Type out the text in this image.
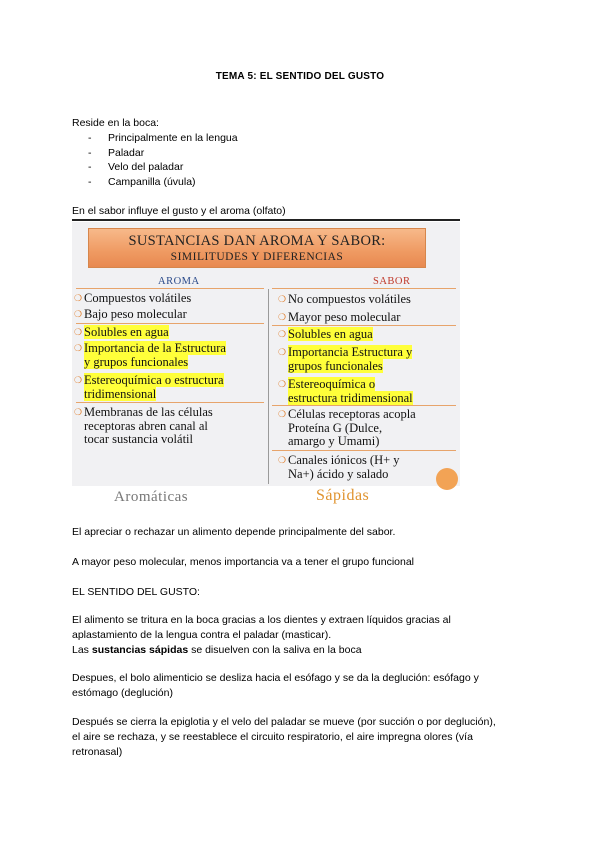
TEMA 5: EL SENTIDO DEL GUSTO
Reside en la boca:
- Principalmente en la lengua
- Paladar
- Velo del paladar
- Campanilla (úvula)
En el sabor influye el gusto y el aroma (olfato)
SUSTANCIAS DAN AROMA Y SABOR:
SIMILITUDES Y DIFERENCIAS
AROMA	SABOR
❍ Compuestos volátiles
❍ Bajo peso molecular
❍ Solubles en agua
❍ Importancia de la Estructura
y grupos funcionales
❍ Estereoquímica o estructura
tridimensional
❍ Membranas de las células
receptoras abren canal al
tocar sustancia volátil
❍ No compuestos volátiles
❍ Mayor peso molecular
❍ Solubles en agua
❍ Importancia Estructura y
grupos funcionales
❍ Estereoquímica o
estructura tridimensional
❍ Células receptoras acopla
Proteína G (Dulce,
amargo y Umami)
❍ Canales iónicos (H+ y
Na+) ácido y salado
Aromáticas	Sápidas
El apreciar o rechazar un alimento depende principalmente del sabor.
A mayor peso molecular, menos importancia va a tener el grupo funcional
EL SENTIDO DEL GUSTO:
El alimento se tritura en la boca gracias a los dientes y extraen líquidos gracias al
aplastamiento de la lengua contra el paladar (masticar).
Las sustancias sápidas se disuelven con la saliva en la boca
Despues, el bolo alimenticio se desliza hacia el esófago y se da la deglución: esófago y
estómago (deglución)
Después se cierra la epiglotia y el velo del paladar se mueve (por succión o por deglución),
el aire se rechaza, y se reestablece el circuito respiratorio, el aire impregna olores (vía
retronasal)
